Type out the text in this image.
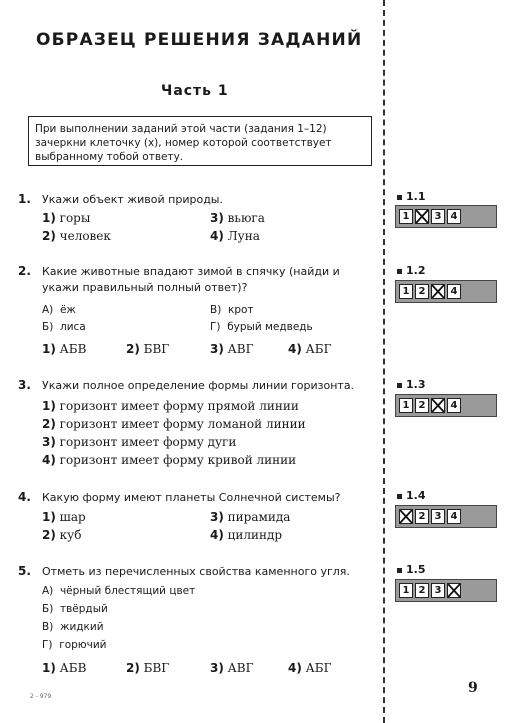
ОБРАЗЕЦ РЕШЕНИЯ ЗАДАНИЙ
Часть 1
При выполнении заданий этой части (задания 1–12)
зачеркни клеточку (х), номер которой соответствует
выбранному тобой ответу.
1. Укажи объект живой природы.
1) горы	3) вьюга
2) человек	4) Луна
2. Какие животные впадают зимой в спячку (найди и
укажи правильный полный ответ)?
А) ёж	В) крот
Б) лиса	Г) бурый медведь
1) АБВ	2) БВГ	3) АВГ	4) АБГ
3. Укажи полное определение формы линии горизонта.
1) горизонт имеет форму прямой линии
2) горизонт имеет форму ломаной линии
3) горизонт имеет форму дуги
4) горизонт имеет форму кривой линии
4. Какую форму имеют планеты Солнечной системы?
1) шар	3) пирамида
2) куб	4) цилиндр
5. Отметь из перечисленных свойства каменного угля.
А) чёрный блестящий цвет
Б) твёрдый
В) жидкий
Г) горючий
1) АБВ	2) БВГ	3) АВГ	4) АБГ
1.1
1	3 4
1.2
1 2	4
1.3
1 2	4
1.4
2 3 4
1.5
1 2 3
9
2 - 979
